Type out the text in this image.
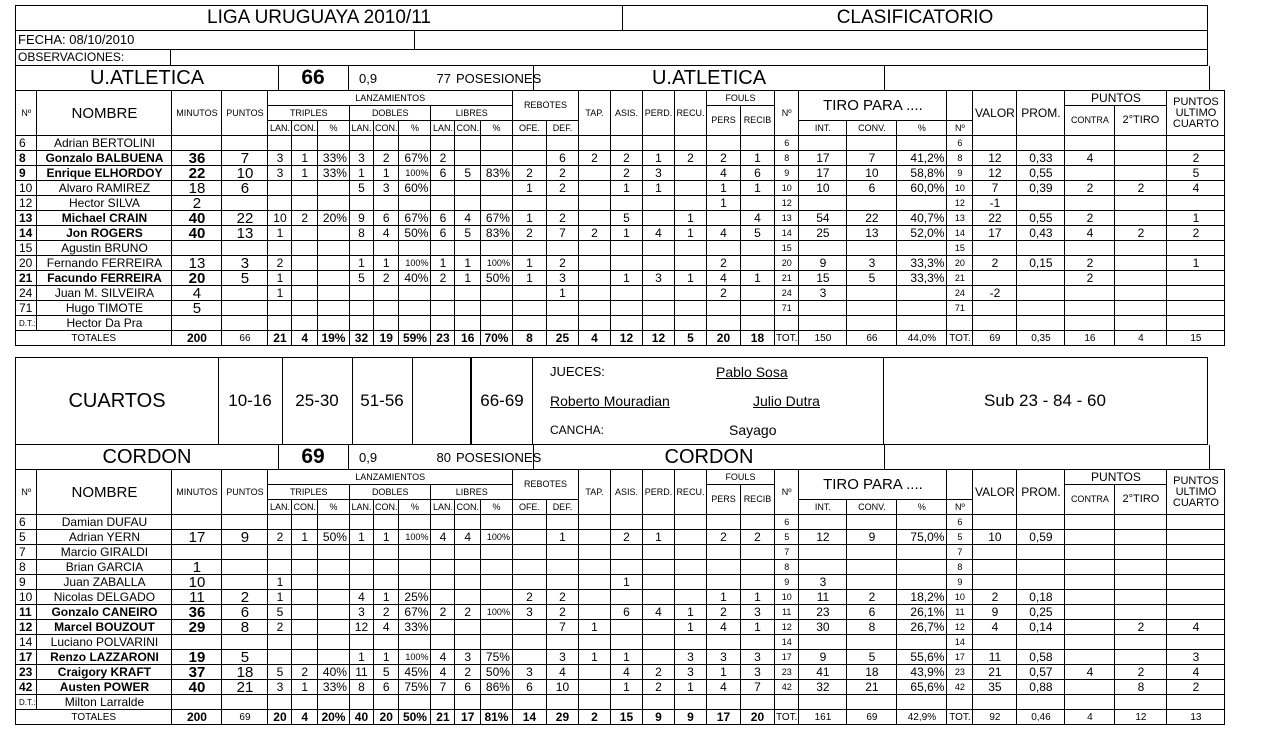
LIGA URUGUAYA 2010/11	CLASIFICATORIO
FECHA: 08/10/2010
OBSERVACIONES:
U.ATLETICA	66	0,9	77 POSESIONES	U.ATLETICA
Nº	NOMBRE	MINUTOS	PUNTOS	LANZAMIENTOS									REBOTES		TAP.	ASIS.	PERD.	RECU.	FOULS		Nº	TIRO PARA ....				VALOR	PROM.	PUNTOS		PUNTOS ULTIMO CUARTO
				TRIPLES			DOBLES			LIBRES									PERS	RECIB								CONTRA	2°TIRO	
				LAN.	CON.	%	LAN.	CON.	%	LAN.	CON.	%	OFE.	DEF.								INT.	CONV.	%	Nº					
6	Adrian BERTOLINI																				6				6					
8	Gonzalo BALBUENA	36	7	3	1	33%	3	2	67%	2				6	2	2	1	2	2	1	8	17	7	41,2%	8	12	0,33	4		2
9	Enrique ELHORDOY	22	10	3	1	33%	1	1	100%	6	5	83%	2	2		2	3		4	6	9	17	10	58,8%	9	12	0,55			5
10	Alvaro RAMIREZ	18	6				5	3	60%				1	2		1	1		1	1	10	10	6	60,0%	10	7	0,39	2	2	4
12	Hector SILVA	2																	1		12				12	-1				
13	Michael CRAIN	40	22	10	2	20%	9	6	67%	6	4	67%	1	2		5		1		4	13	54	22	40,7%	13	22	0,55	2		1
14	Jon ROGERS	40	13	1			8	4	50%	6	5	83%	2	7	2	1	4	1	4	5	14	25	13	52,0%	14	17	0,43	4	2	2
15	Agustin BRUNO																				15				15					
20	Fernando FERREIRA	13	3	2			1	1	100%	1	1	100%	1	2					2		20	9	3	33,3%	20	2	0,15	2		1
21	Facundo FERREIRA	20	5	1			5	2	40%	2	1	50%	1	3		1	3	1	4	1	21	15	5	33,3%	21			2		
24	Juan M. SILVEIRA	4		1										1					2		24	3			24	-2				
71	Hugo TIMOTE	5																			71				71					
D.T.:	Hector Da Pra																													
TOTALES		200	66	21	4	19%	32	19	59%	23	16	70%	8	25	4	12	12	5	20	18	TOT.	150	66	44,0%	TOT.	69	0,35	16	4	15
CUARTOS	10-16	25-30	51-56	66-69
JUECES:	Pablo Sosa
Roberto Mouradian	Julio Dutra
CANCHA:	Sayago
Sub 23 - 84 - 60
CORDON	69	0,9	80 POSESIONES	CORDON
Nº	NOMBRE	MINUTOS	PUNTOS	LANZAMIENTOS									REBOTES		TAP.	ASIS.	PERD.	RECU.	FOULS		Nº	TIRO PARA ....				VALOR	PROM.	PUNTOS		PUNTOS ULTIMO CUARTO
				TRIPLES			DOBLES			LIBRES									PERS	RECIB								CONTRA	2°TIRO	
				LAN.	CON.	%	LAN.	CON.	%	LAN.	CON.	%	OFE.	DEF.								INT.	CONV.	%	Nº					
6	Damian DUFAU																				6				6					
5	Adrian YERN	17	9	2	1	50%	1	1	100%	4	4	100%		1		2	1		2	2	5	12	9	75,0%	5	10	0,59			
7	Marcio GIRALDI																				7				7					
8	Brian GARCIA	1																			8				8					
9	Juan ZABALLA	10		1												1					9	3			9					
10	Nicolas DELGADO	11	2	1			4	1	25%				2	2					1	1	10	11	2	18,2%	10	2	0,18			
11	Gonzalo CANEIRO	36	6	5			3	2	67%	2	2	100%	3	2		6	4	1	2	3	11	23	6	26,1%	11	9	0,25			
12	Marcel BOUZOUT	29	8	2			12	4	33%					7	1			1	4	1	12	30	8	26,7%	12	4	0,14		2	4
14	Luciano POLVARINI																				14				14					
17	Renzo LAZZARONI	19	5				1	1	100%	4	3	75%		3	1	1		3	3	3	17	9	5	55,6%	17	11	0,58			3
23	Craigory KRAFT	37	18	5	2	40%	11	5	45%	4	2	50%	3	4		4	2	3	1	3	23	41	18	43,9%	23	21	0,57	4	2	4
42	Austen POWER	40	21	3	1	33%	8	6	75%	7	6	86%	6	10		1	2	1	4	7	42	32	21	65,6%	42	35	0,88		8	2
D.T.:	Milton Larralde																													
TOTALES		200	69	20	4	20%	40	20	50%	21	17	81%	14	29	2	15	9	9	17	20	TOT.	161	69	42,9%	TOT.	92	0,46	4	12	13
